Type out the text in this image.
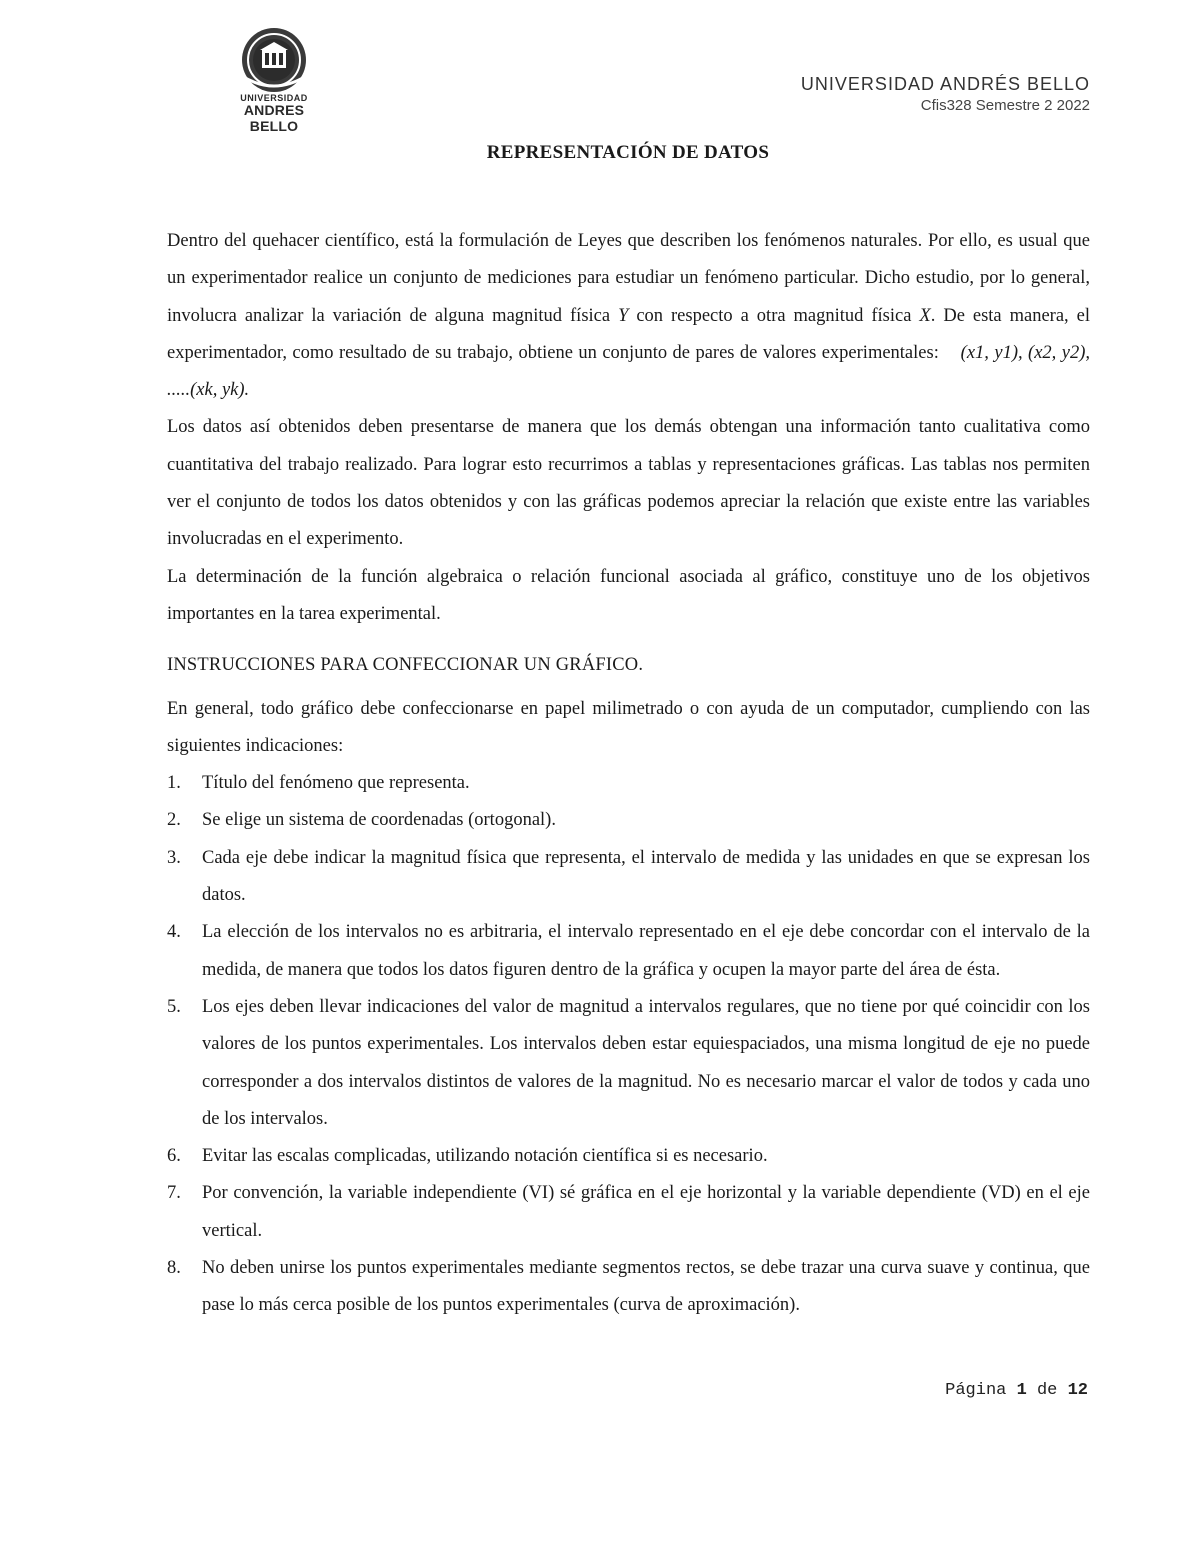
UNIVERSIDAD
ANDRES BELLO
UNIVERSIDAD ANDRÉS BELLO
Cfis328 Semestre 2 2022
REPRESENTACIÓN DE DATOS

Dentro del quehacer científico, está la formulación de Leyes que describen los fenómenos naturales. Por ello, es usual que un experimentador realice un conjunto de mediciones para estudiar un fenómeno particular. Dicho estudio, por lo general, involucra analizar la variación de alguna magnitud física Y con respecto a otra magnitud física X. De esta manera, el experimentador, como resultado de su trabajo, obtiene un conjunto de pares de valores experimentales: (x1, y1), (x2, y2), .....(xk, yk).

Los datos así obtenidos deben presentarse de manera que los demás obtengan una información tanto cualitativa como cuantitativa del trabajo realizado. Para lograr esto recurrimos a tablas y representaciones gráficas. Las tablas nos permiten ver el conjunto de todos los datos obtenidos y con las gráficas podemos apreciar la relación que existe entre las variables involucradas en el experimento.

La determinación de la función algebraica o relación funcional asociada al gráfico, constituye uno de los objetivos importantes en la tarea experimental.

INSTRUCCIONES PARA CONFECCIONAR UN GRÁFICO.

En general, todo gráfico debe confeccionarse en papel milimetrado o con ayuda de un computador, cumpliendo con las siguientes indicaciones:

1. Título del fenómeno que representa.
2. Se elige un sistema de coordenadas (ortogonal).
3. Cada eje debe indicar la magnitud física que representa, el intervalo de medida y las unidades en que se expresan los datos.
4. La elección de los intervalos no es arbitraria, el intervalo representado en el eje debe concordar con el intervalo de la medida, de manera que todos los datos figuren dentro de la gráfica y ocupen la mayor parte del área de ésta.
5. Los ejes deben llevar indicaciones del valor de magnitud a intervalos regulares, que no tiene por qué coincidir con los valores de los puntos experimentales. Los intervalos deben estar equiespaciados, una misma longitud de eje no puede corresponder a dos intervalos distintos de valores de la magnitud. No es necesario marcar el valor de todos y cada uno de los intervalos.
6. Evitar las escalas complicadas, utilizando notación científica si es necesario.
7. Por convención, la variable independiente (VI) sé gráfica en el eje horizontal y la variable dependiente (VD) en el eje vertical.
8. No deben unirse los puntos experimentales mediante segmentos rectos, se debe trazar una curva suave y continua, que pase lo más cerca posible de los puntos experimentales (curva de aproximación).
Página 1 de 12
